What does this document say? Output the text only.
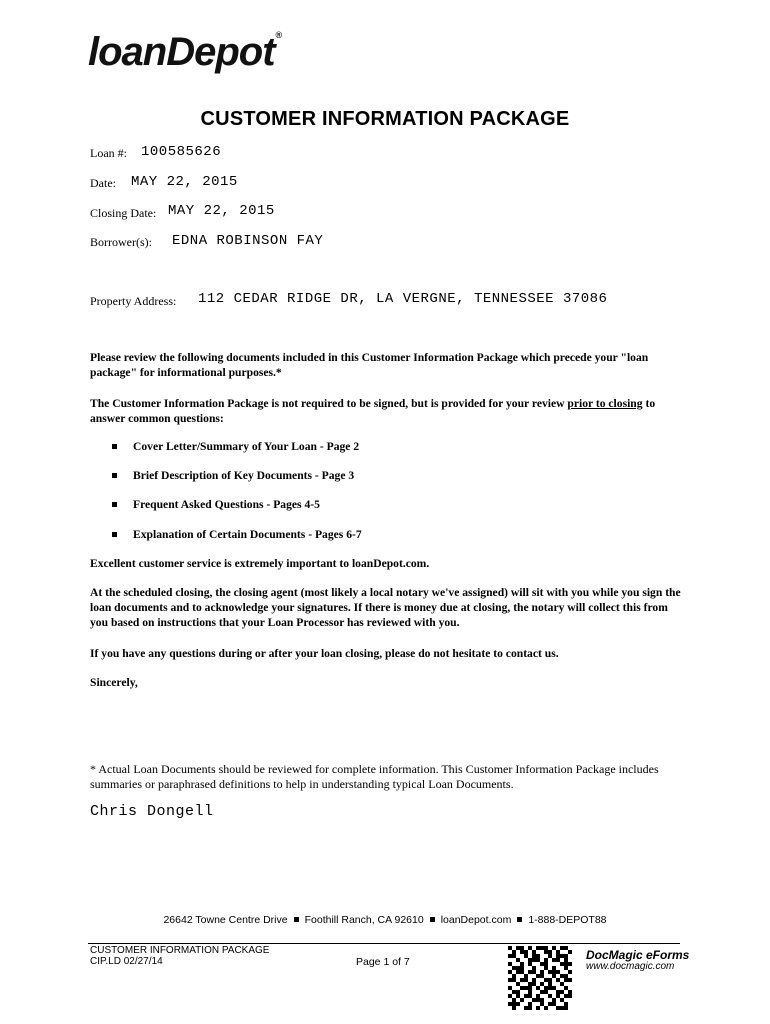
loanDepot®
CUSTOMER INFORMATION PACKAGE
Loan #: 100585626
Date: MAY 22, 2015
Closing Date: MAY 22, 2015
Borrower(s): EDNA ROBINSON FAY
Property Address: 112 CEDAR RIDGE DR, LA VERGNE, TENNESSEE 37086
Please review the following documents included in this Customer Information Package which precede your "loan package" for informational purposes.*
The Customer Information Package is not required to be signed, but is provided for your review prior to closing to answer common questions:
Cover Letter/Summary of Your Loan - Page 2
Brief Description of Key Documents - Page 3
Frequent Asked Questions - Pages 4-5
Explanation of Certain Documents - Pages 6-7
Excellent customer service is extremely important to loanDepot.com.
At the scheduled closing, the closing agent (most likely a local notary we've assigned) will sit with you while you sign the loan documents and to acknowledge your signatures. If there is money due at closing, the notary will collect this from you based on instructions that your Loan Processor has reviewed with you.
If you have any questions during or after your loan closing, please do not hesitate to contact us.
Sincerely,
* Actual Loan Documents should be reviewed for complete information. This Customer Information Package includes summaries or paraphrased definitions to help in understanding typical Loan Documents.
Chris Dongell
26642 Towne Centre Drive Foothill Ranch, CA 92610 loanDepot.com 1-888-DEPOT88
CUSTOMER INFORMATION PACKAGE
CIP.LD 02/27/14	Page 1 of 7	DocMagic eForms
www.docmagic.com
